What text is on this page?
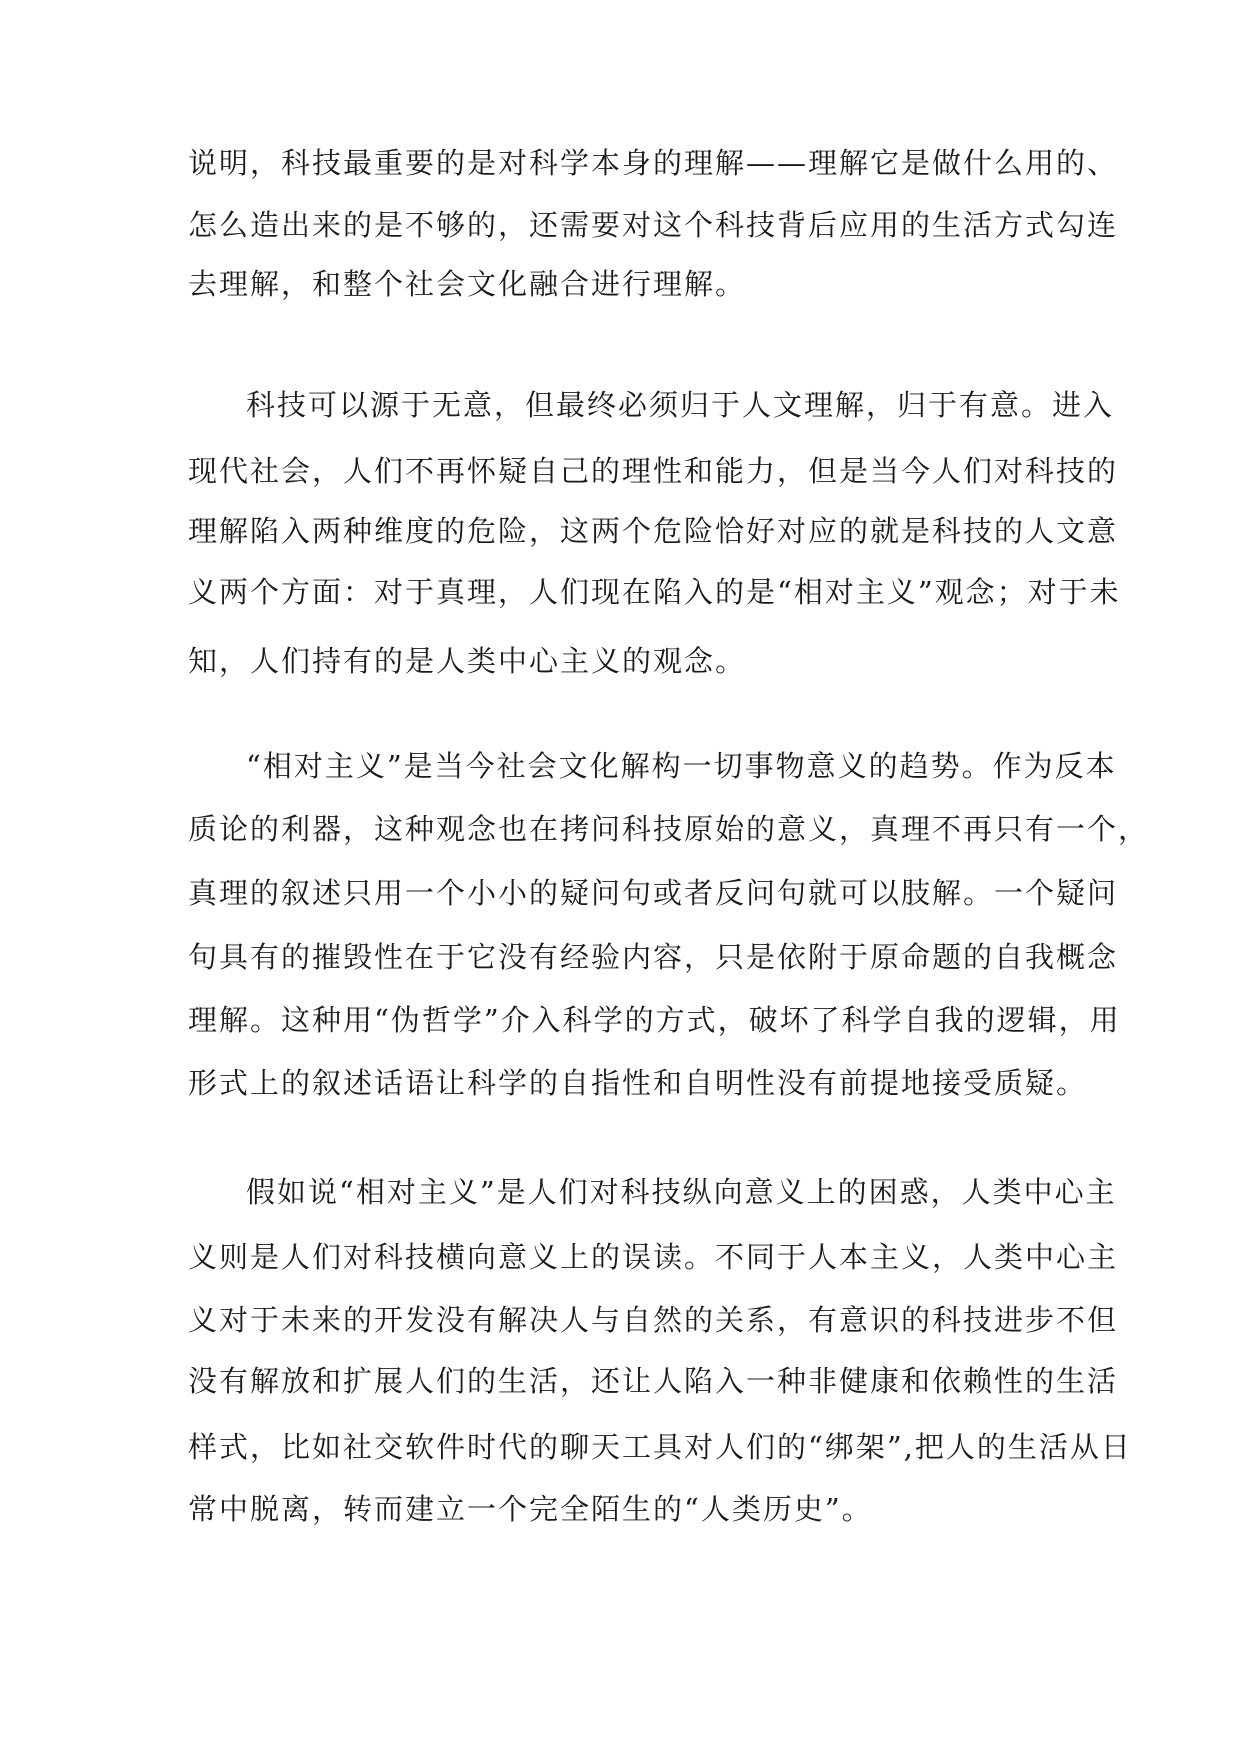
说明，科技最重要的是对科学本身的理解——理解它是做什么用的、
怎么造出来的是不够的，还需要对这个科技背后应用的生活方式勾连
去理解，和整个社会文化融合进行理解。
科技可以源于无意，但最终必须归于人文理解，归于有意。进入
现代社会，人们不再怀疑自己的理性和能力，但是当今人们对科技的
理解陷入两种维度的危险，这两个危险恰好对应的就是科技的人文意
义两个方面：对于真理，人们现在陷入的是“相对主义”观念；对于未
知，人们持有的是人类中心主义的观念。
“相对主义”是当今社会文化解构一切事物意义的趋势。作为反本
质论的利器，这种观念也在拷问科技原始的意义，真理不再只有一个，
真理的叙述只用一个小小的疑问句或者反问句就可以肢解。一个疑问
句具有的摧毁性在于它没有经验内容，只是依附于原命题的自我概念
理解。这种用“伪哲学”介入科学的方式，破坏了科学自我的逻辑，用
形式上的叙述话语让科学的自指性和自明性没有前提地接受质疑。
假如说“相对主义”是人们对科技纵向意义上的困惑，人类中心主
义则是人们对科技横向意义上的误读。不同于人本主义，人类中心主
义对于未来的开发没有解决人与自然的关系，有意识的科技进步不但
没有解放和扩展人们的生活，还让人陷入一种非健康和依赖性的生活
样式，比如社交软件时代的聊天工具对人们的“绑架”,把人的生活从日
常中脱离，转而建立一个完全陌生的“人类历史”。
